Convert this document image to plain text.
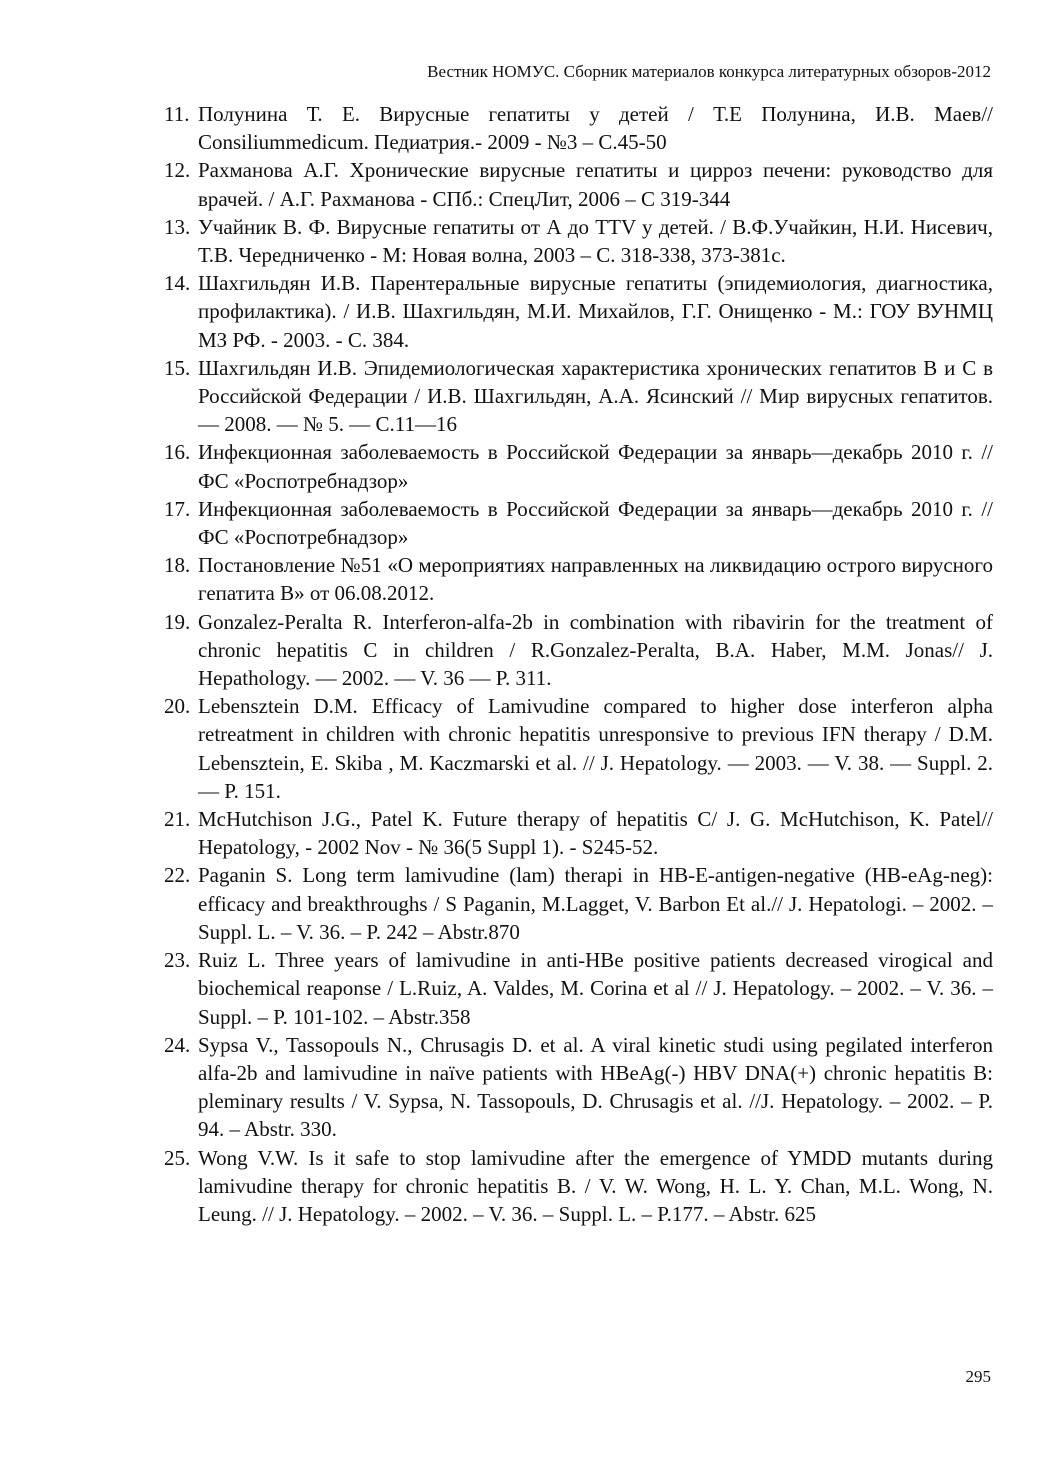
Вестник НОМУС. Сборник материалов конкурса литературных обзоров-2012
11. Полунина Т. Е. Вирусные гепатиты у детей / Т.Е Полунина, И.В. Маев// Consiliummedicum. Педиатрия.- 2009 - №3 – С.45-50
12. Рахманова А.Г. Хронические вирусные гепатиты и цирроз печени: руководство для врачей. / А.Г. Рахманова - СПб.: СпецЛит, 2006 – С 319-344
13. Учайник В. Ф. Вирусные гепатиты от А до TTV у детей. / В.Ф.Учайкин, Н.И. Нисевич, Т.В. Чередниченко - М: Новая волна, 2003 – С. 318-338, 373-381с.
14. Шахгильдян И.В. Парентеральные вирусные гепатиты (эпидемиология, диагностика, профилактика). / И.В. Шахгильдян, М.И. Михайлов, Г.Г. Онищенко - М.: ГОУ ВУНМЦ МЗ РФ. - 2003. - С. 384.
15. Шахгильдян И.В. Эпидемиологическая характеристика хронических гепатитов В и С в Российской Федерации / И.В. Шахгильдян, А.А. Ясинский // Мир вирусных гепатитов. — 2008. — № 5. — С.11—16
16. Инфекционная заболеваемость в Российской Федерации за январь—декабрь 2010 г. // ФС «Роспотребнадзор»
17. Инфекционная заболеваемость в Российской Федерации за январь—декабрь 2010 г. // ФС «Роспотребнадзор»
18. Постановление №51 «О мероприятиях направленных на ликвидацию острого вирусного гепатита В» от 06.08.2012.
19. Gonzalez-Peralta R. Interferon-alfa-2b in combination with ribavirin for the treatment of chronic hepatitis C in children / R.Gonzalez-Peralta, B.A. Haber, M.M. Jonas// J. Hepathology. — 2002. — V. 36 — P. 311.
20. Lebensztein D.M. Efficacy of Lamivudine compared to higher dose interferon alpha retreatment in children with chronic hepatitis unresponsive to previous IFN therapy / D.M. Lebensztein, E. Skiba , M. Kaczmarski et al. // J. Hepatology. — 2003. — V. 38. — Suppl. 2. — P. 151.
21. McHutchison J.G., Patel K. Future therapy of hepatitis C/ J. G. McHutchison, K. Patel// Hepatology, - 2002 Nov - № 36(5 Suppl 1). - S245-52.
22. Paganin S. Long term lamivudine (lam) therapi in HB-E-antigen-negative (HB-eAg-neg): efficacy and breakthroughs / S Paganin, M.Lagget, V. Barbon Et al.// J. Hepatologi. – 2002. – Suppl. L. – V. 36. – P. 242 – Abstr.870
23. Ruiz L. Three years of lamivudine in anti-HBe positive patients decreased virogical and biochemical reaponse / L.Ruiz, A. Valdes, M. Corina et al // J. Hepatology. – 2002. – V. 36. – Suppl. – P. 101-102. – Abstr.358
24. Sypsa V., Tassopouls N., Chrusagis D. et al. A viral kinetic studi using pegilated interferon alfa-2b and lamivudine in naïve patients with HBeAg(-) HBV DNA(+) chronic hepatitis B: pleminary results / V. Sypsa, N. Tassopouls, D. Chrusagis et al. //J. Hepatology. – 2002. – P. 94. – Abstr. 330.
25. Wong V.W. Is it safe to stop lamivudine after the emergence of YMDD mutants during lamivudine therapy for chronic hepatitis B. / V. W. Wong, H. L. Y. Chan, M.L. Wong, N. Leung. // J. Hepatology. – 2002. – V. 36. – Suppl. L. – P.177. – Abstr. 625
295
